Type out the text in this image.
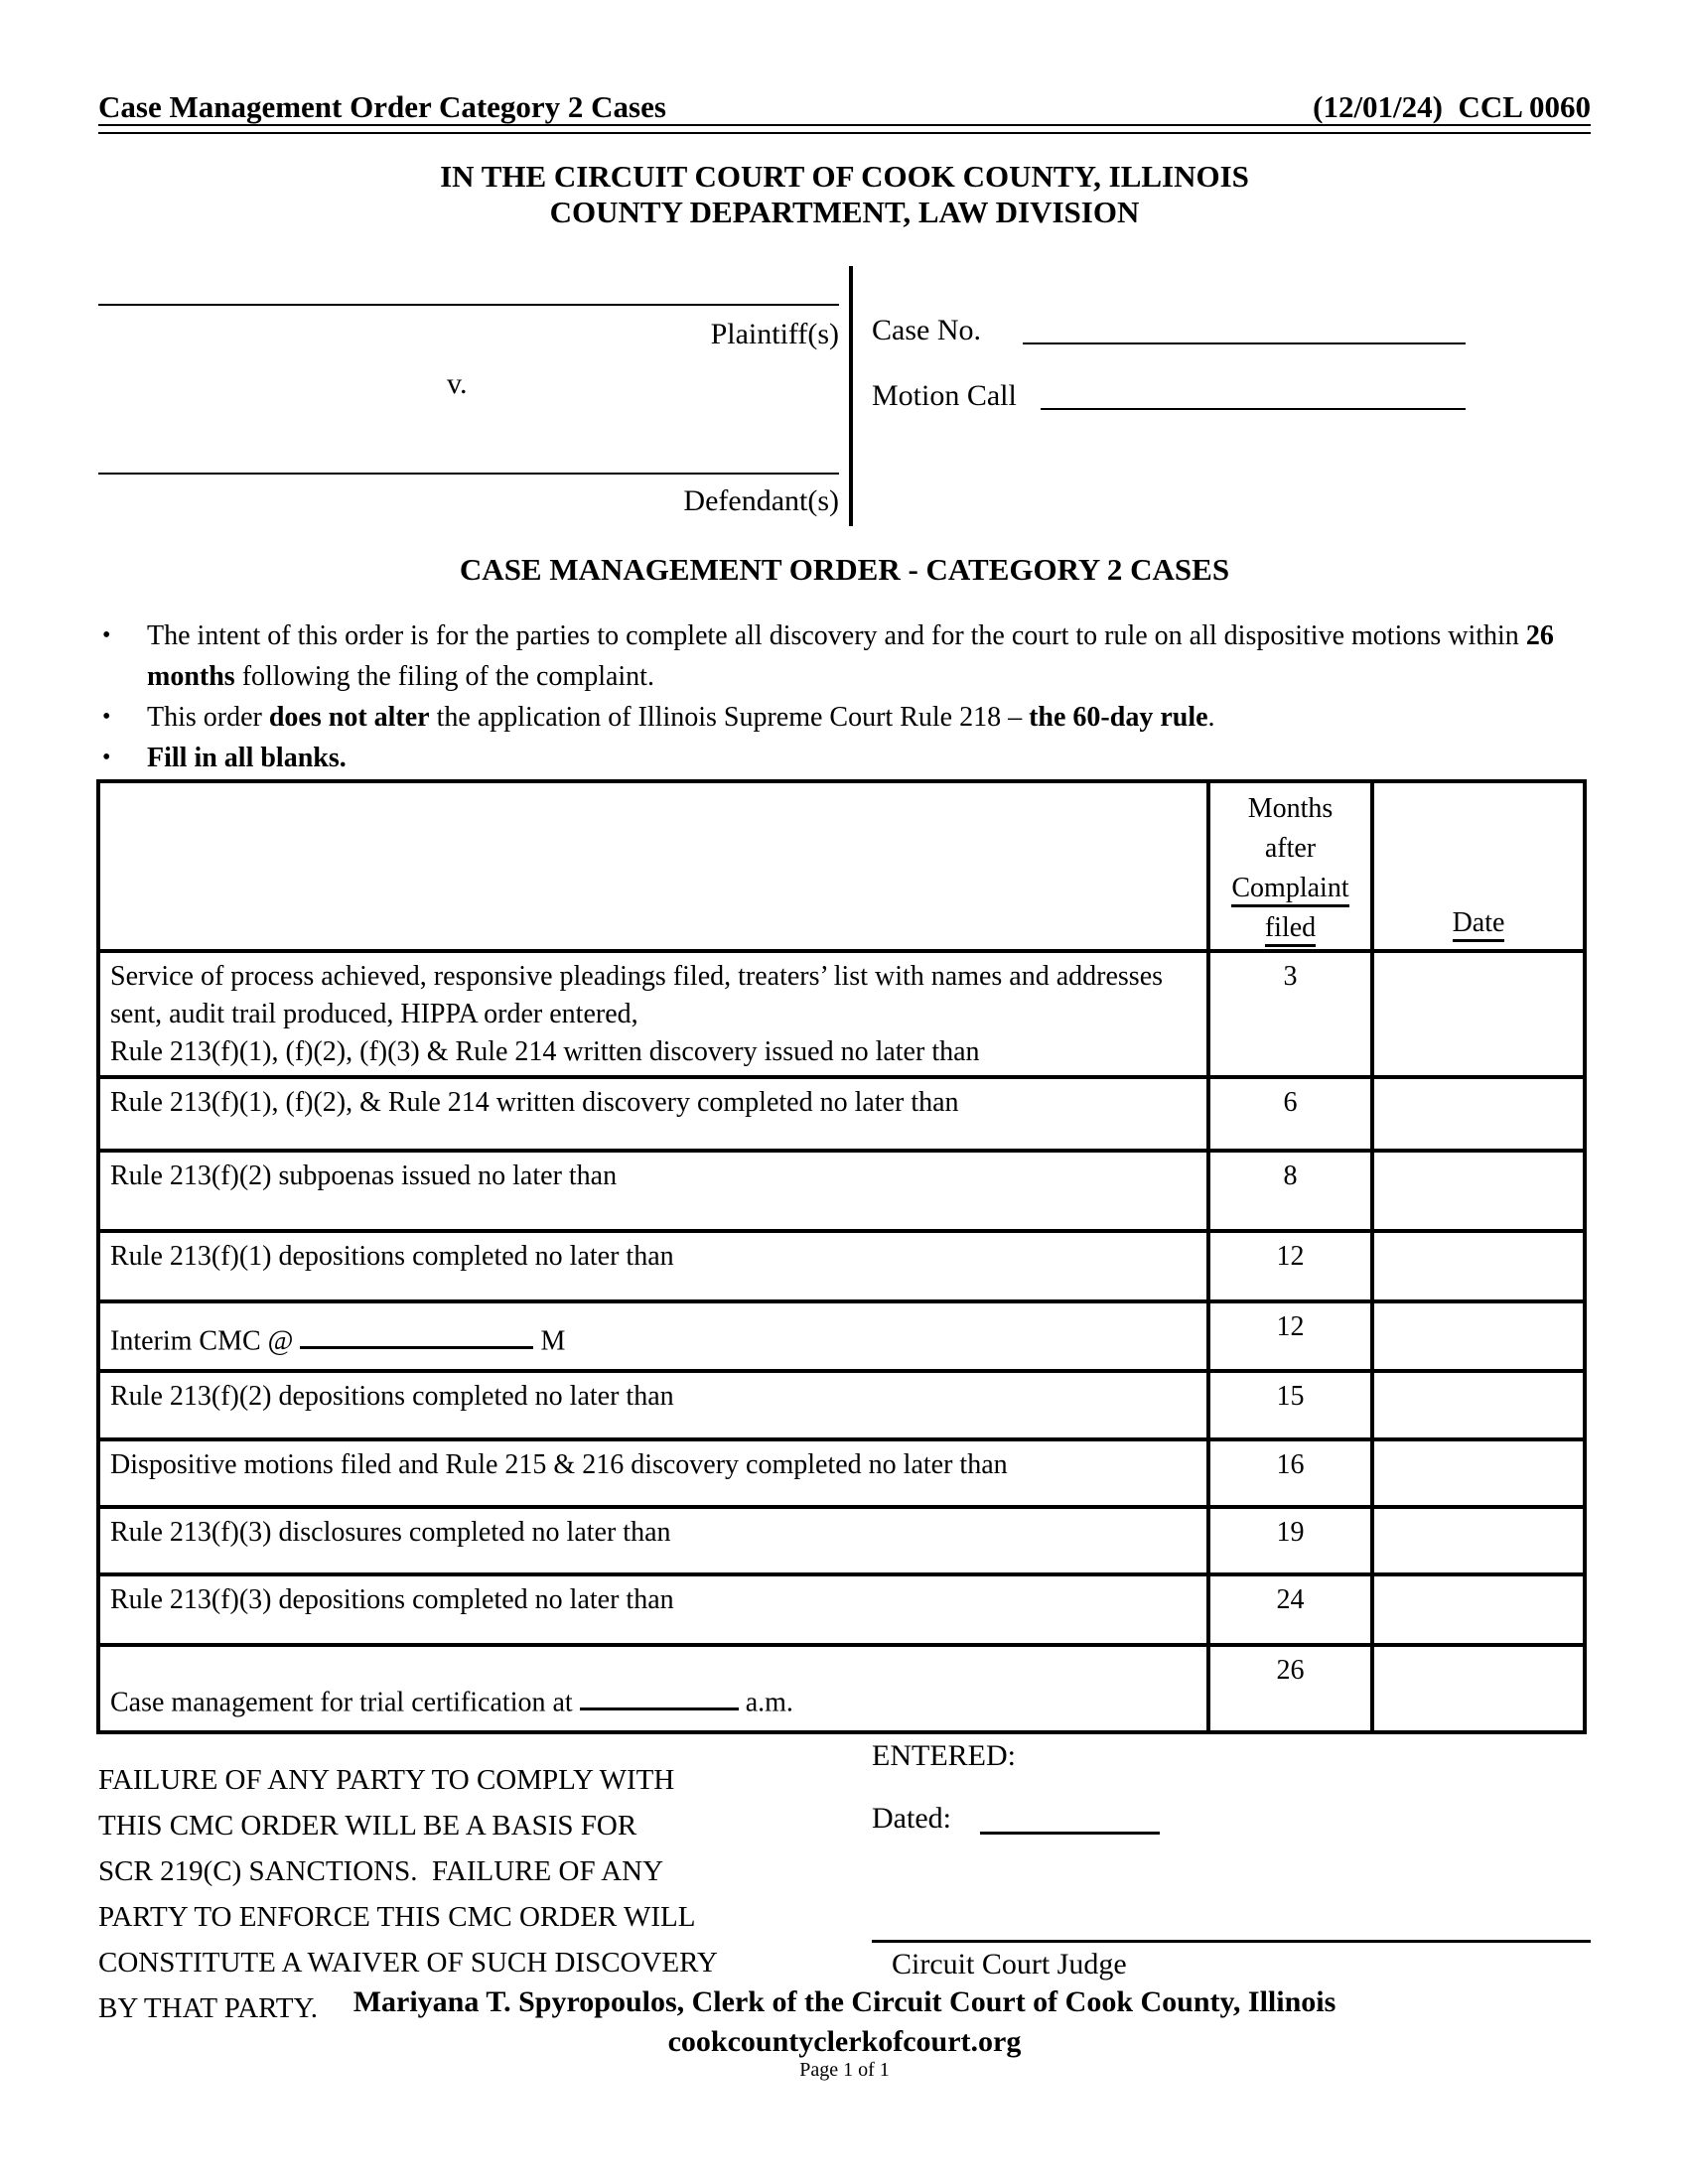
Case Management Order Category 2 Cases	(12/01/24)  CCL 0060
IN THE CIRCUIT COURT OF COOK COUNTY, ILLINOIS
COUNTY DEPARTMENT, LAW DIVISION
Plaintiff(s)
v.
Defendant(s)
Case No.
Motion Call
CASE MANAGEMENT ORDER - CATEGORY 2 CASES
•	The intent of this order is for the parties to complete all discovery and for the court to rule on all dispositive motions within 26 months following the filing of the complaint.
•	This order does not alter the application of Illinois Supreme Court Rule 218 – the 60-day rule.
•	Fill in all blanks.

	Months
after
Complaint
filed	Date

Service of process achieved, responsive pleadings filed, treaters’ list with names and addresses sent, audit trail produced, HIPPA order entered,
Rule 213(f)(1), (f)(2), (f)(3) & Rule 214 written discovery issued no later than	3	

Rule 213(f)(1), (f)(2), & Rule 214 written discovery completed no later than	6	

Rule 213(f)(2) subpoenas issued no later than	8	

Rule 213(f)(1) depositions completed no later than	12	

Interim CMC @ M	12	

Rule 213(f)(2) depositions completed no later than	15	

Dispositive motions filed and Rule 215 & 216 discovery completed no later than	16	

Rule 213(f)(3) disclosures completed no later than	19	

Rule 213(f)(3) depositions completed no later than	24	

Case management for trial certification at a.m.	26	
FAILURE OF ANY PARTY TO COMPLY WITH
THIS CMC ORDER WILL BE A BASIS FOR
SCR 219(C) SANCTIONS.  FAILURE OF ANY
PARTY TO ENFORCE THIS CMC ORDER WILL
CONSTITUTE A WAIVER OF SUCH DISCOVERY
BY THAT PARTY.
ENTERED:
Dated:
Circuit Court Judge
Mariyana T. Spyropoulos, Clerk of the Circuit Court of Cook County, Illinois
cookcountyclerkofcourt.org
Page 1 of 1
